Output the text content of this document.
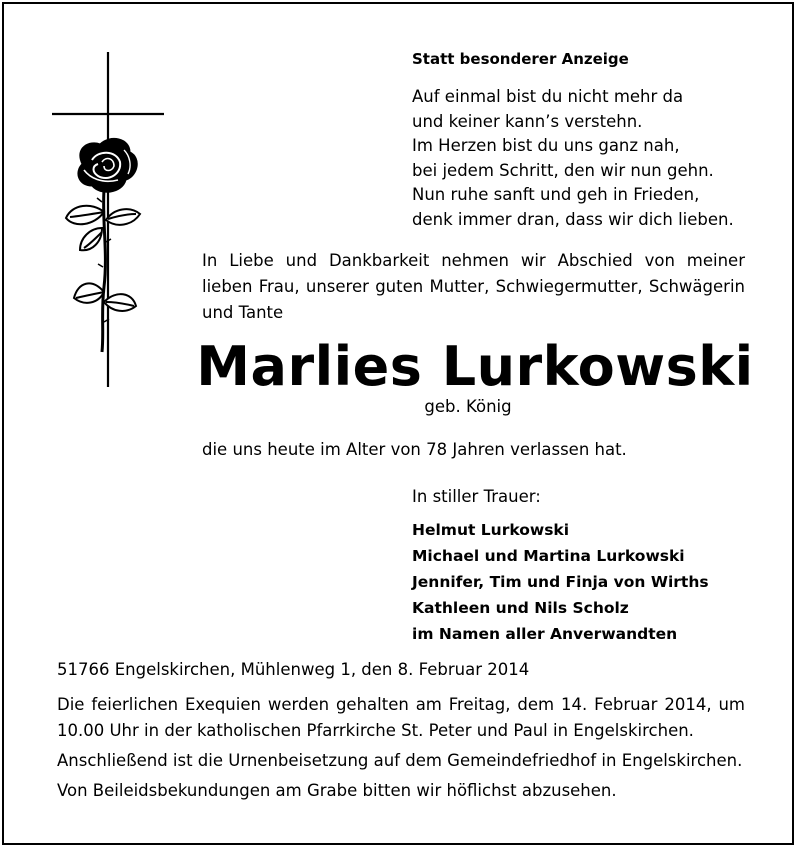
Statt besonderer Anzeige
Auf einmal bist du nicht mehr da
und keiner kann’s verstehn.
Im Herzen bist du uns ganz nah,
bei jedem Schritt, den wir nun gehn.
Nun ruhe sanft und geh in Frieden,
denk immer dran, dass wir dich lieben.
In Liebe und Dankbarkeit nehmen wir Abschied von meiner lieben Frau, unserer guten Mutter, Schwiegermutter, Schwägerin und Tante
Marlies Lurkowski
geb. König
die uns heute im Alter von 78 Jahren verlassen hat.
In stiller Trauer:
Helmut Lurkowski
Michael und Martina Lurkowski
Jennifer, Tim und Finja von Wirths
Kathleen und Nils Scholz
im Namen aller Anverwandten
51766 Engelskirchen, Mühlenweg 1, den 8. Februar 2014

Die feierlichen Exequien werden gehalten am Freitag, dem 14. Februar 2014, um 10.00 Uhr in der katholischen Pfarrkirche St. Peter und Paul in Engelskirchen.

Anschließend ist die Urnenbeisetzung auf dem Gemeindefriedhof in Engelskirchen.

Von Beileidsbekundungen am Grabe bitten wir höflichst abzusehen.
